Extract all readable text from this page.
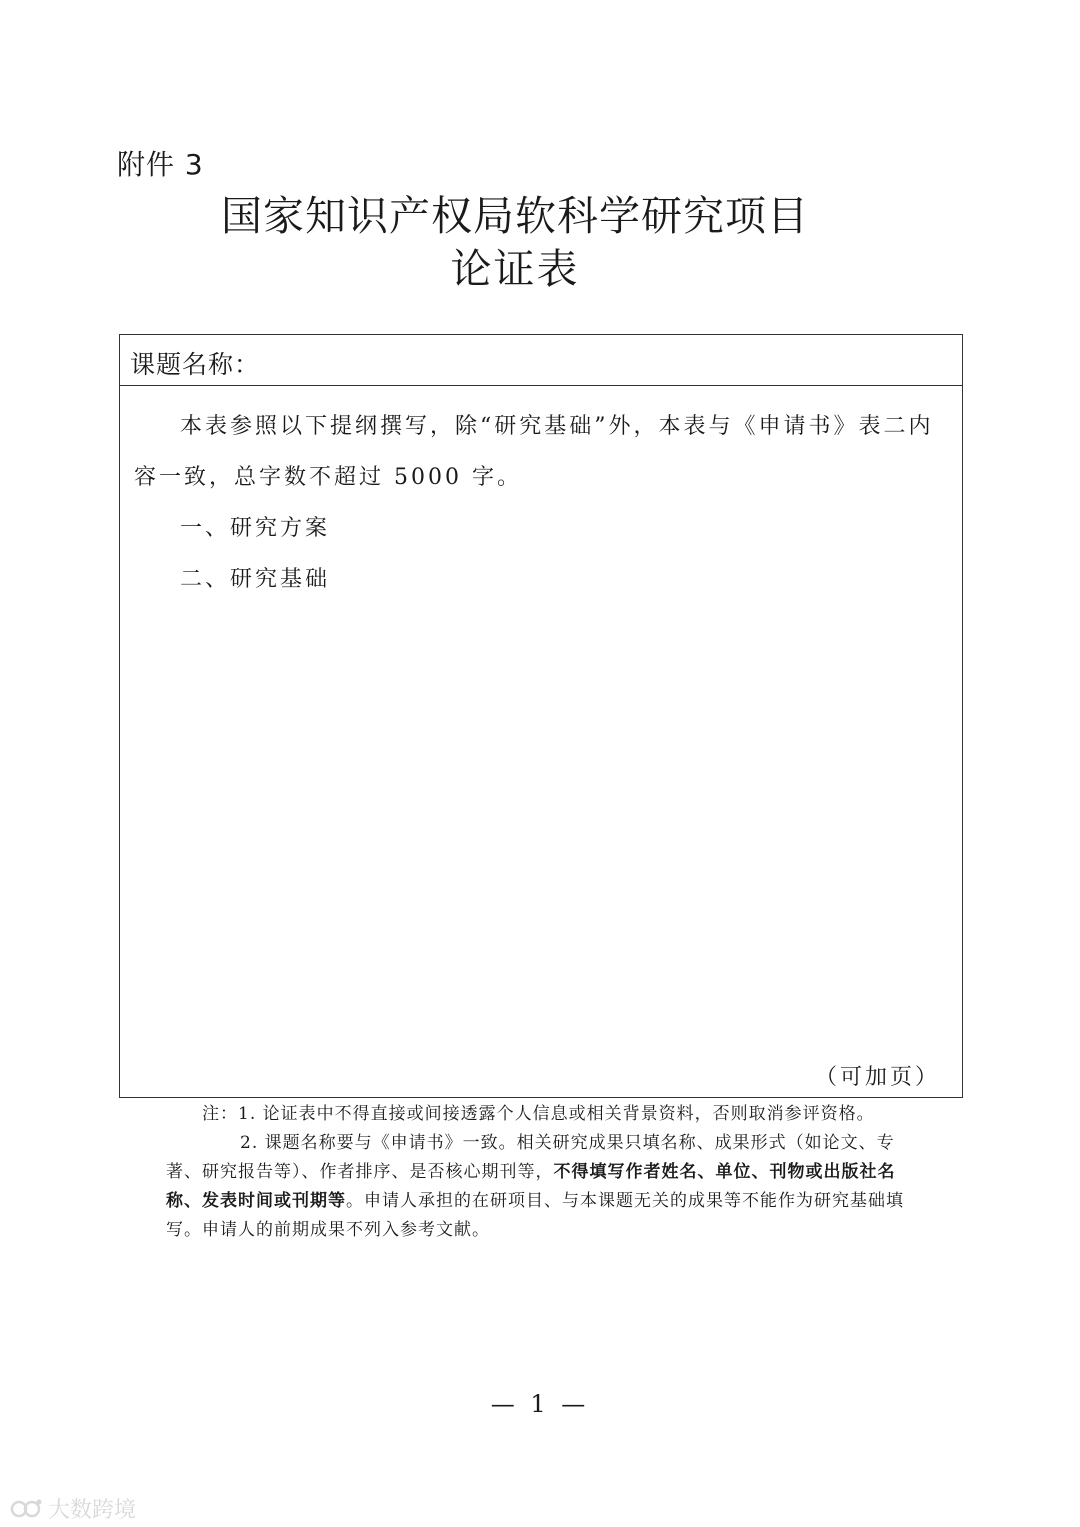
附件 3
国家知识产权局软科学研究项目
论证表
课题名称：

本表参照以下提纲撰写，除“研究基础”外，本表与《申请书》表二内容一致，总字数不超过 5000 字。

一、研究方案

二、研究基础

（可加页）

注：1. 论证表中不得直接或间接透露个人信息或相关背景资料，否则取消参评资格。

2. 课题名称要与《申请书》一致。相关研究成果只填名称、成果形式（如论文、专著、研究报告等）、作者排序、是否核心期刊等，不得填写作者姓名、单位、刊物或出版社名称、发表时间或刊期等。申请人承担的在研项目、与本课题无关的成果等不能作为研究基础填写。申请人的前期成果不列入参考文献。

— 1 —
大数跨境
